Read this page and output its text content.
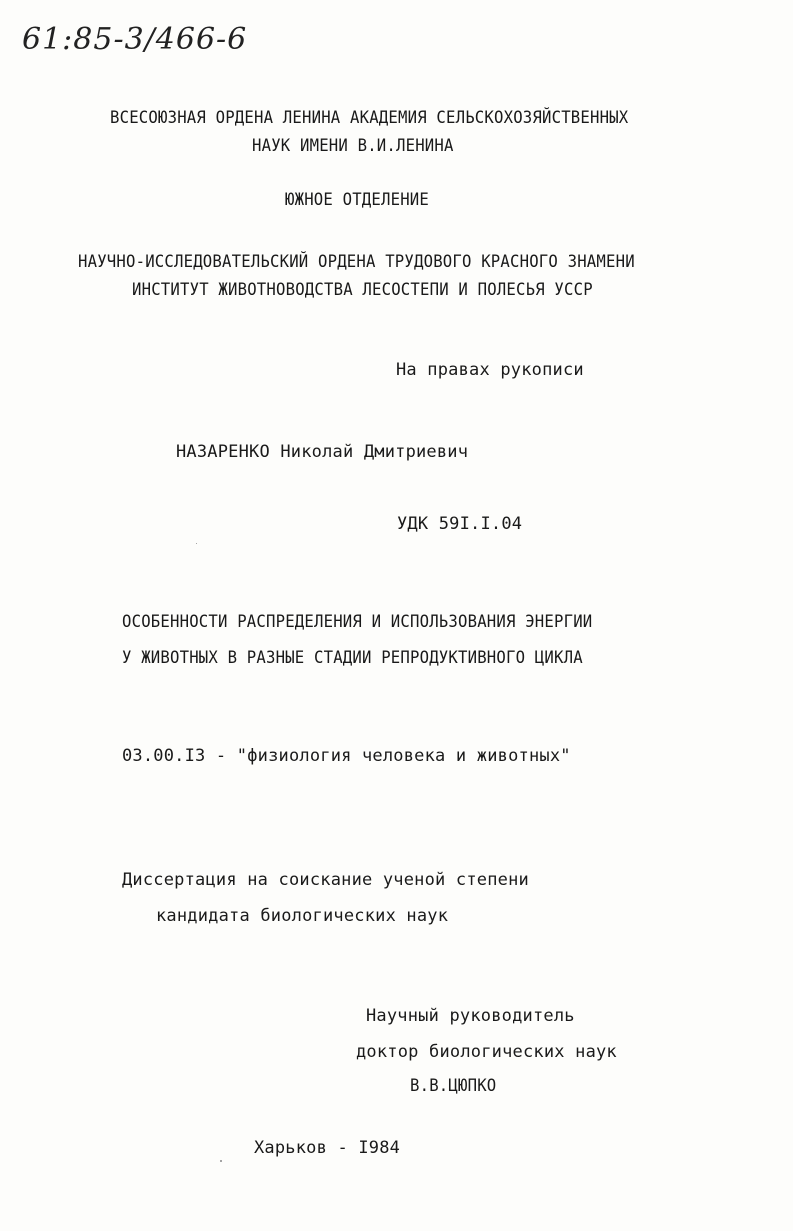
61:85-3/466-6
ВСЕСОЮЗНАЯ ОРДЕНА ЛЕНИНА АКАДЕМИЯ СЕЛЬСКОХОЗЯЙСТВЕННЫХ
НАУК ИМЕНИ В.И.ЛЕНИНА
ЮЖНОЕ ОТДЕЛЕНИЕ
НАУЧНО-ИССЛЕДОВАТЕЛЬСКИЙ ОРДЕНА ТРУДОВОГО КРАСНОГО ЗНАМЕНИ
ИНСТИТУТ ЖИВОТНОВОДСТВА ЛЕСОСТЕПИ И ПОЛЕСЬЯ УССР
На правах рукописи
НАЗАРЕНКО Николай Дмитриевич
УДК 59I.I.04
ОСОБЕННОСТИ РАСПРЕДЕЛЕНИЯ И ИСПОЛЬЗОВАНИЯ ЭНЕРГИИ
У ЖИВОТНЫХ В РАЗНЫЕ СТАДИИ РЕПРОДУКТИВНОГО ЦИКЛА
03.00.I3 - "физиология человека и животных"
Диссертация на соискание ученой степени
кандидата биологических наук
Научный руководитель
доктор биологических наук
В.В.ЦЮПКО
Харьков - I984
